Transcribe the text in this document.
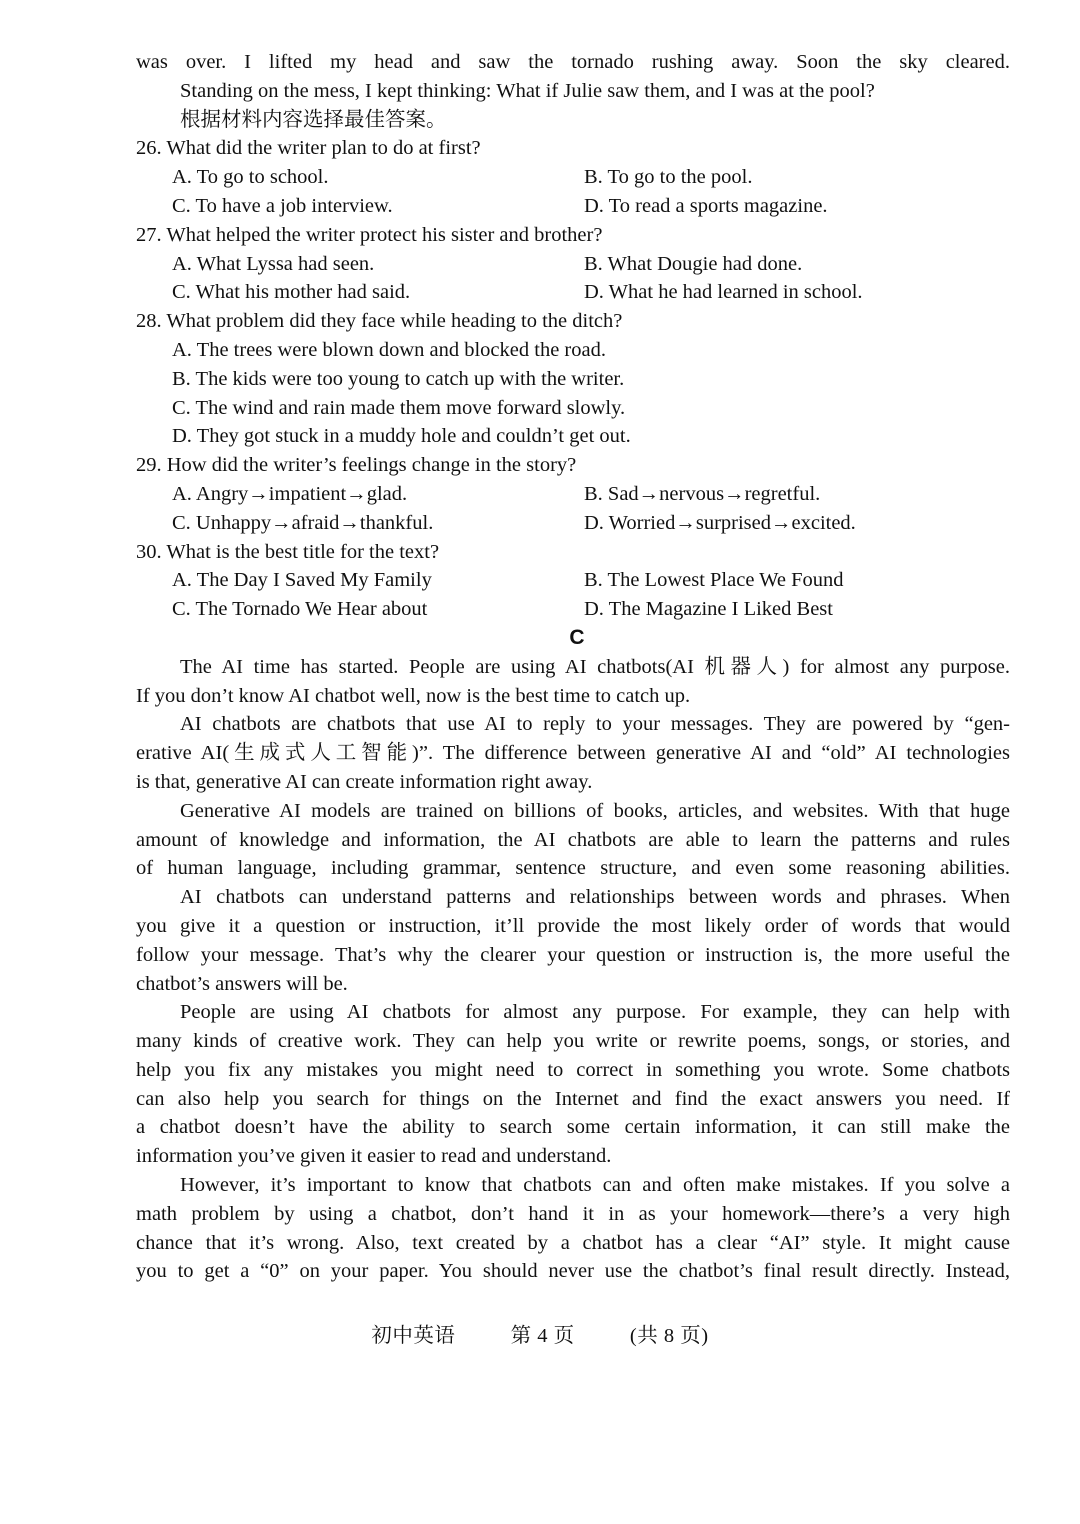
was over. I lifted my head and saw the tornado rushing away. Soon the sky cleared.
Standing on the mess, I kept thinking: What if Julie saw them, and I was at the pool?
根据材料内容选择最佳答案。
26. What did the writer plan to do at first?
A. To go to school.	B. To go to the pool.
C. To have a job interview.	D. To read a sports magazine.
27. What helped the writer protect his sister and brother?
A. What Lyssa had seen.	B. What Dougie had done.
C. What his mother had said.	D. What he had learned in school.
28. What problem did they face while heading to the ditch?
A. The trees were blown down and blocked the road.
B. The kids were too young to catch up with the writer.
C. The wind and rain made them move forward slowly.
D. They got stuck in a muddy hole and couldn’t get out.
29. How did the writer’s feelings change in the story?
A. Angry→impatient→glad.	B. Sad→nervous→regretful.
C. Unhappy→afraid→thankful.	D. Worried→surprised→excited.
30. What is the best title for the text?
A. The Day I Saved My Family	B. The Lowest Place We Found
C. The Tornado We Hear about	D. The Magazine I Liked Best
C
The AI time has started. People are using AI chatbots(AI 机器人) for almost any purpose.
If you don’t know AI chatbot well, now is the best time to catch up.
AI chatbots are chatbots that use AI to reply to your messages. They are powered by “gen-
erative AI(生成式人工智能)”. The difference between generative AI and “old” AI technologies
is that, generative AI can create information right away.
Generative AI models are trained on billions of books, articles, and websites. With that huge
amount of knowledge and information, the AI chatbots are able to learn the patterns and rules
of human language, including grammar, sentence structure, and even some reasoning abilities.
AI chatbots can understand patterns and relationships between words and phrases. When
you give it a question or instruction, it’ll provide the most likely order of words that would
follow your message. That’s why the clearer your question or instruction is, the more useful the
chatbot’s answers will be.
People are using AI chatbots for almost any purpose. For example, they can help with
many kinds of creative work. They can help you write or rewrite poems, songs, or stories, and
help you fix any mistakes you might need to correct in something you wrote. Some chatbots
can also help you search for things on the Internet and find the exact answers you need. If
a chatbot doesn’t have the ability to search some certain information, it can still make the
information you’ve given it easier to read and understand.
However, it’s important to know that chatbots can and often make mistakes. If you solve a
math problem by using a chatbot, don’t hand it in as your homework—there’s a very high
chance that it’s wrong. Also, text created by a chatbot has a clear “AI” style. It might cause
you to get a “0” on your paper. You should never use the chatbot’s final result directly. Instead,
初中英语	第 4 页	(共 8 页)
